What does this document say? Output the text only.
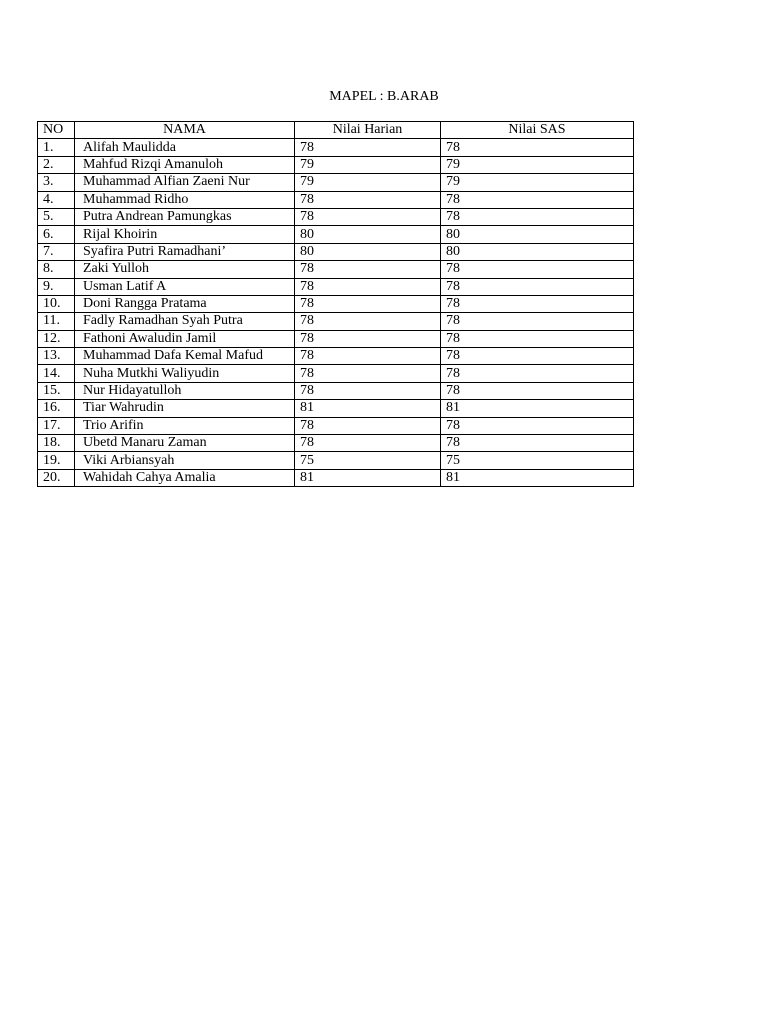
MAPEL : B.ARAB
NO	NAMA	Nilai Harian	Nilai SAS
1.	Alifah Maulidda	78	78
2.	Mahfud Rizqi Amanuloh	79	79
3.	Muhammad Alfian Zaeni Nur	79	79
4.	Muhammad Ridho	78	78
5.	Putra Andrean Pamungkas	78	78
6.	Rijal Khoirin	80	80
7.	Syafira Putri Ramadhani’	80	80
8.	Zaki Yulloh	78	78
9.	Usman Latif A	78	78
10.	Doni Rangga Pratama	78	78
11.	Fadly Ramadhan Syah Putra	78	78
12.	Fathoni Awaludin Jamil	78	78
13.	Muhammad Dafa Kemal Mafud	78	78
14.	Nuha Mutkhi Waliyudin	78	78
15.	Nur Hidayatulloh	78	78
16.	Tiar Wahrudin	81	81
17.	Trio Arifin	78	78
18.	Ubetd Manaru Zaman	78	78
19.	Viki Arbiansyah	75	75
20.	Wahidah Cahya Amalia	81	81
